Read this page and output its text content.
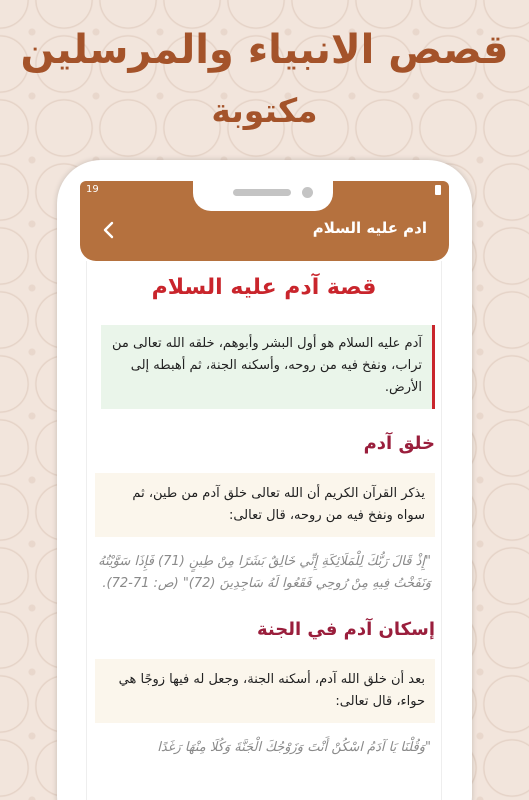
قصص الانبياء والمرسلين
مكتوبة
19
ادم عليه السلام
قصة آدم عليه السلام
آدم عليه السلام هو أول البشر وأبوهم، خلقه الله تعالى من تراب، ونفخ فيه من روحه، وأسكنه الجنة، ثم أهبطه إلى الأرض.
خلق آدم
يذكر القرآن الكريم أن الله تعالى خلق آدم من طين، ثم سواه ونفخ فيه من روحه، قال تعالى:
"إِذْ قَالَ رَبُّكَ لِلْمَلَائِكَةِ إِنِّي خَالِقٌ بَشَرًا مِنْ طِينٍ (71) فَإِذَا سَوَّيْتُهُ وَنَفَخْتُ فِيهِ مِنْ رُوحِي فَقَعُوا لَهُ سَاجِدِينَ (72)" (ص: 71-72).
إسكان آدم في الجنة
بعد أن خلق الله آدم، أسكنه الجنة، وجعل له فيها زوجًا هي حواء، قال تعالى:
"وَقُلْنَا يَا آدَمُ اسْكُنْ أَنْتَ وَزَوْجُكَ الْجَنَّةَ وَكُلَا مِنْهَا رَغَدًا
